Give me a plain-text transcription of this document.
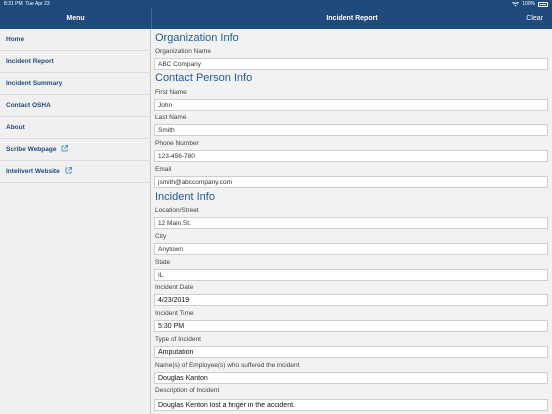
8:31 PM Tue Apr 23	100%
Menu	Incident Report	Clear
Home
Incident Report
Incident Summary
Contact OSHA
About
Scribe Webpage
Intelivert Website
Organization Info
Organization Name
ABC Company
Contact Person Info
First Name
John
Last Name
Smith
Phone Number
123-456-780
Email
jsmith@abccompany.com
Incident Info
Location/Street
12 Main St.
City
Anytown
State
IL
Incident Date
4/23/2019
Incident Time
5:30 PM
Type of Incident
Amputation
Name(s) of Employee(s) who suffered the incident
Douglas Kanton
Description of Incident
Douglas Kenton lost a finger in the accident.
